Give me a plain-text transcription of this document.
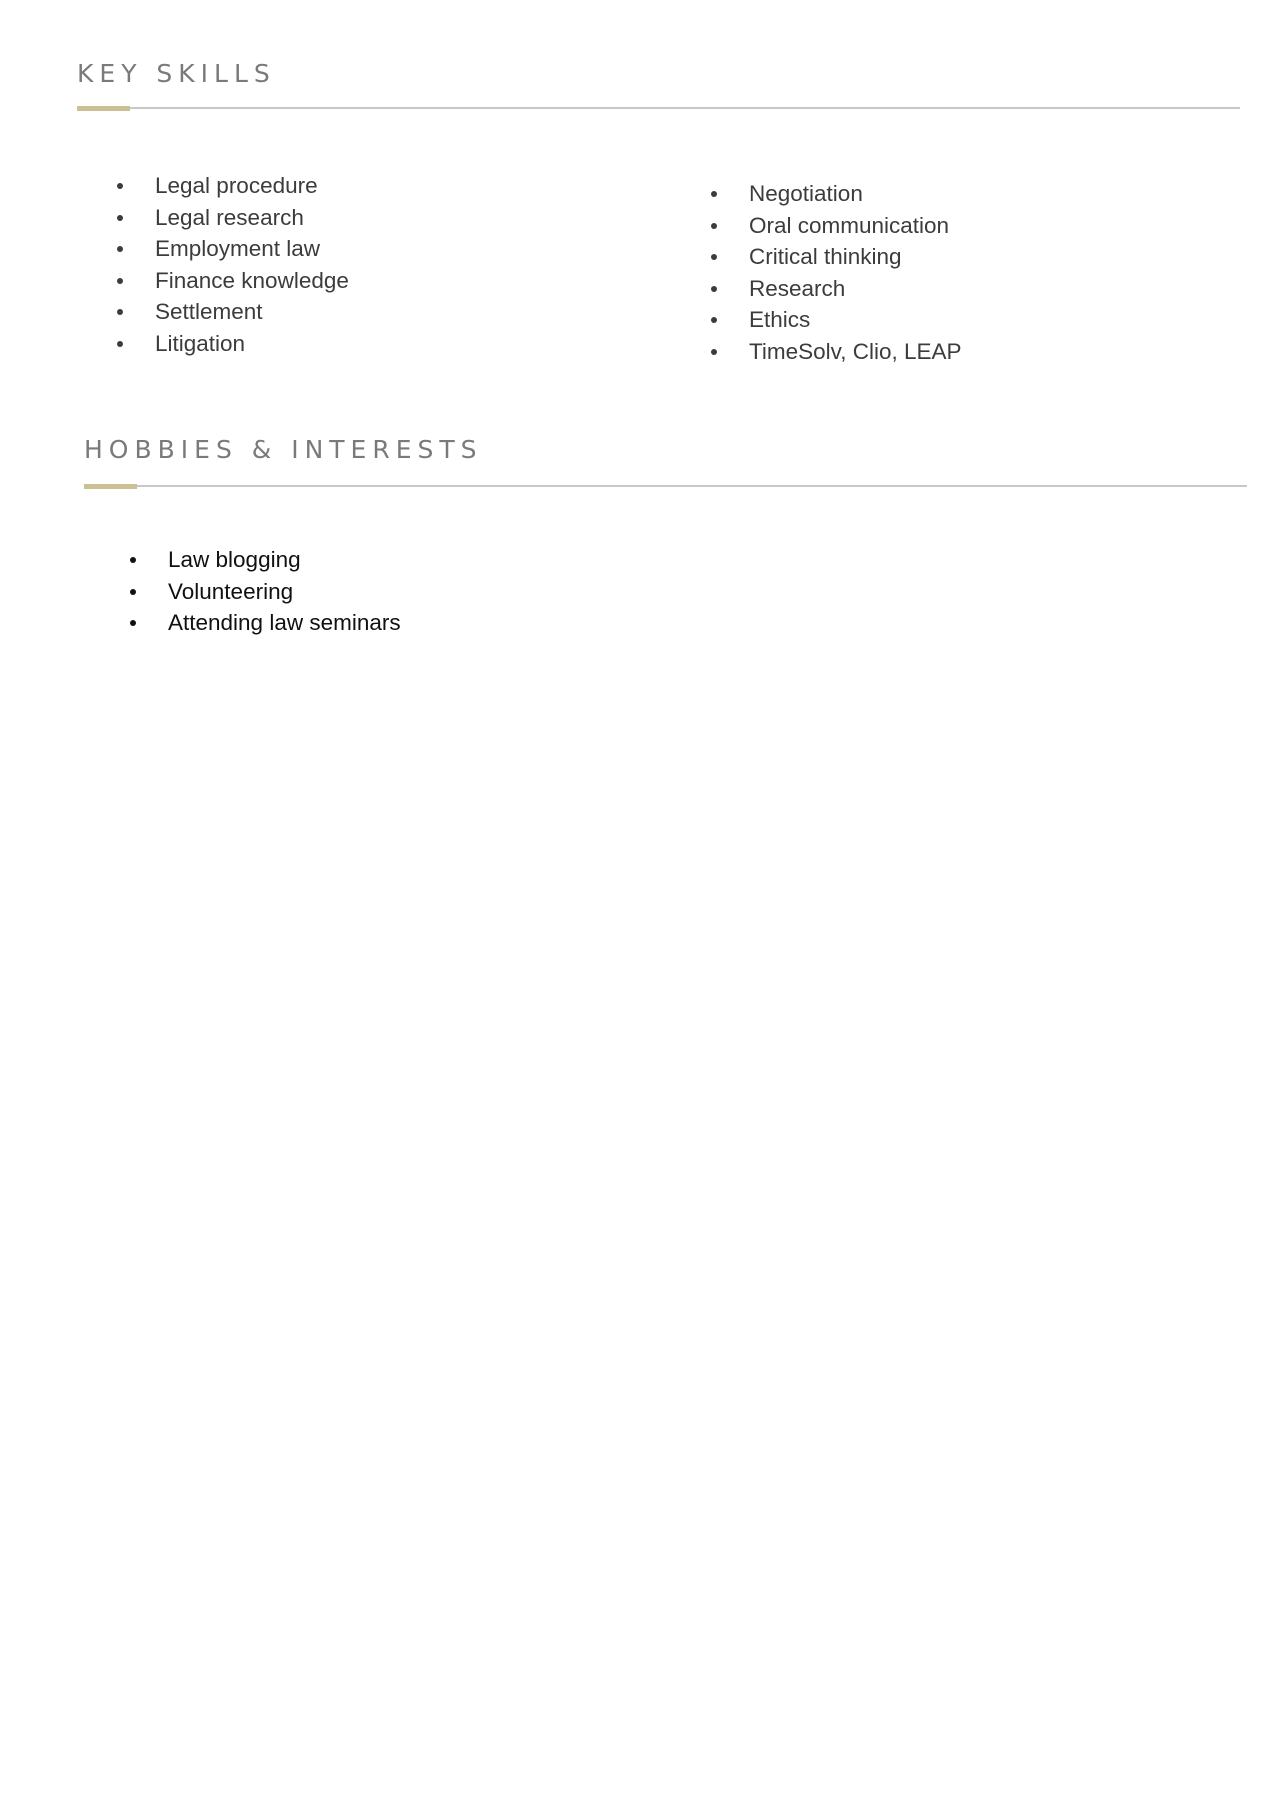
KEY SKILLS
Legal procedure
Legal research
Employment law
Finance knowledge
Settlement
Litigation
Negotiation
Oral communication
Critical thinking
Research
Ethics
TimeSolv, Clio, LEAP
HOBBIES & INTERESTS
Law blogging
Volunteering
Attending law seminars
